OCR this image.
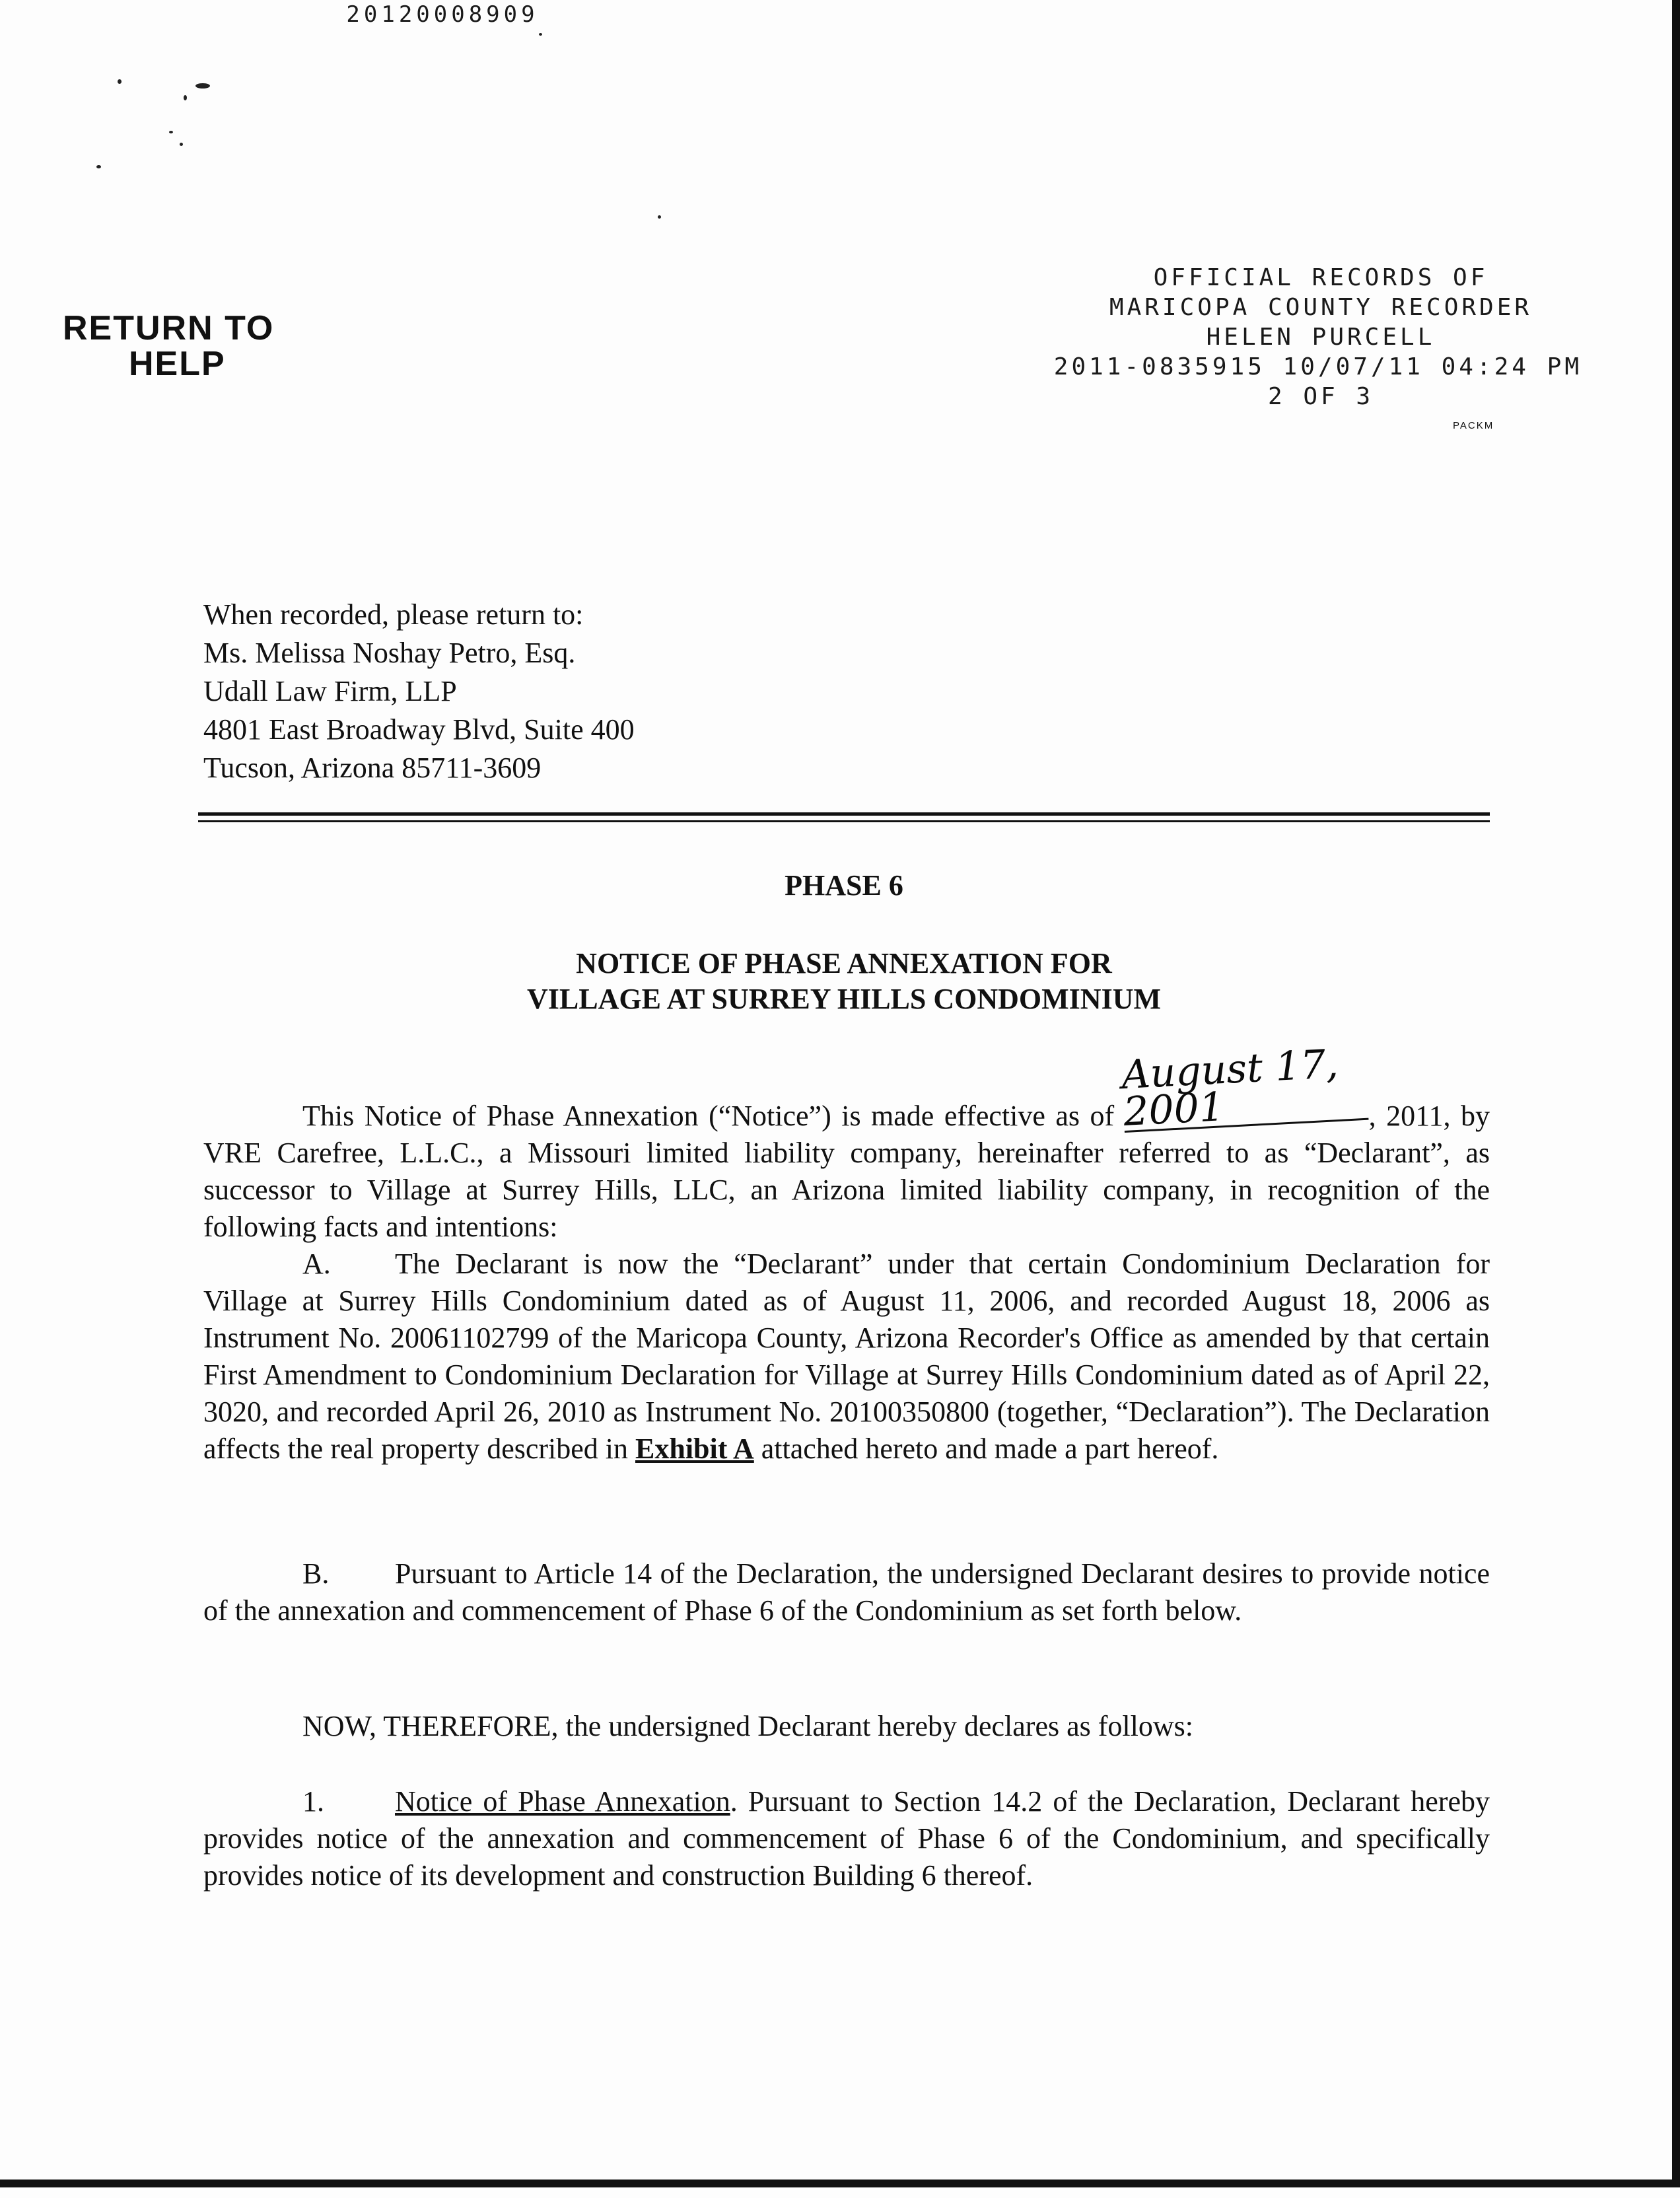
20120008909
OFFICIAL RECORDS OF
MARICOPA COUNTY RECORDER
HELEN PURCELL
2011-0835915 10/07/11 04:24 PM
2 OF 3
PACKM
RETURN TO
HELP
When recorded, please return to:
Ms. Melissa Noshay Petro, Esq.
Udall Law Firm, LLP
4801 East Broadway Blvd, Suite 400
Tucson, Arizona 85711-3609
PHASE 6
NOTICE OF PHASE ANNEXATION FOR
VILLAGE AT SURREY HILLS CONDOMINIUM
This Notice of Phase Annexation (“Notice”) is made effective as of August 17, 2001	, 2011, by VRE Carefree, L.L.C., a Missouri limited liability company, hereinafter referred to as “Declarant”, as successor to Village at Surrey Hills, LLC, an Arizona limited liability company, in recognition of the following facts and intentions:
A. The Declarant is now the “Declarant” under that certain Condominium Declaration for Village at Surrey Hills Condominium dated as of August 11, 2006, and recorded August 18, 2006 as Instrument No. 20061102799 of the Maricopa County, Arizona Recorder's Office as amended by that certain First Amendment to Condominium Declaration for Village at Surrey Hills Condominium dated as of April 22, 3020, and recorded April 26, 2010 as Instrument No. 20100350800 (together, “Declaration”). The Declaration affects the real property described in Exhibit A attached hereto and made a part hereof.
B. Pursuant to Article 14 of the Declaration, the undersigned Declarant desires to provide notice of the annexation and commencement of Phase 6 of the Condominium as set forth below.
NOW, THEREFORE, the undersigned Declarant hereby declares as follows:
1. Notice of Phase Annexation. Pursuant to Section 14.2 of the Declaration, Declarant hereby provides notice of the annexation and commencement of Phase 6 of the Condominium, and specifically provides notice of its development and construction Building 6 thereof.
